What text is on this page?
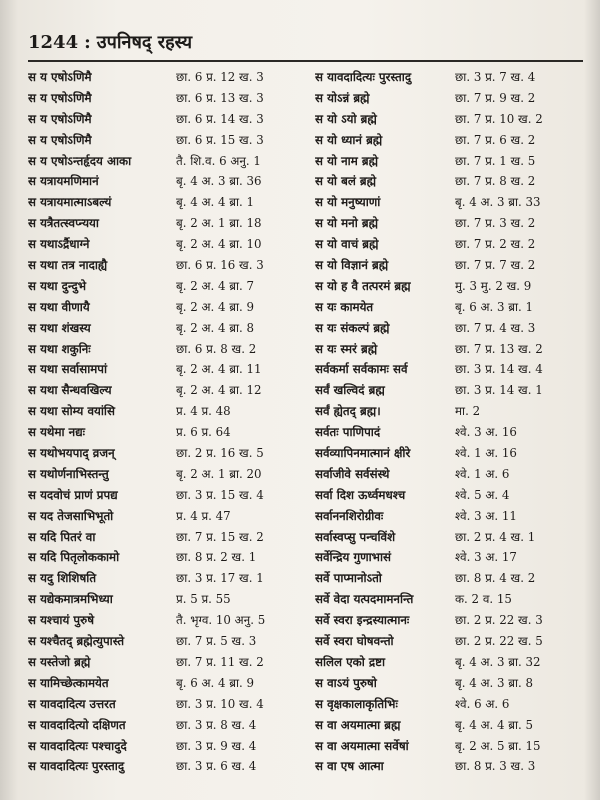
1244 : उपनिषद् रहस्य
स य एषोऽणिमै	छा. 6 प्र. 12 ख. 3
स य एषोऽणिमै	छा. 6 प्र. 13 ख. 3
स य एषोऽणिमै	छा. 6 प्र. 14 ख. 3
स य एषोऽणिमै	छा. 6 प्र. 15 ख. 3
स य एषोऽन्तर्हृदय आका	तै. शि.व. 6 अनु. 1
स यत्रायमणिमानं	बृ. 4 अ. 3 ब्रा. 36
स यत्रायमात्माऽबल्यं	बृ. 4 अ. 4 ब्रा. 1
स यत्रैतत्स्वप्न्यया	बृ. 2 अ. 1 ब्रा. 18
स यथाऽर्द्रैधाग्ने	बृ. 2 अ. 4 ब्रा. 10
स यथा तत्र नादाह्यै	छा. 6 प्र. 16 ख. 3
स यथा दुन्दुभे	बृ. 2 अ. 4 ब्रा. 7
स यथा वीणायै	बृ. 2 अ. 4 ब्रा. 9
स यथा शंखस्य	बृ. 2 अ. 4 ब्रा. 8
स यथा शकुनिः	छा. 6 प्र. 8 ख. 2
स यथा सर्वासामपां	बृ. 2 अ. 4 ब्रा. 11
स यथा सैन्धवखिल्य	बृ. 2 अ. 4 ब्रा. 12
स यथा सोम्य वयांसि	प्र. 4 प्र. 48
स यथेमा नद्यः	प्र. 6 प्र. 64
स यथोभयपाद् व्रजन्	छा. 2 प्र. 16 ख. 5
स यथोर्णनाभिस्तन्तु	बृ. 2 अ. 1 ब्रा. 20
स यदवोचं प्राणं प्रपद्य	छा. 3 प्र. 15 ख. 4
स यद तेजसाभिभूतो	प्र. 4 प्र. 47
स यदि पितरं वा	छा. 7 प्र. 15 ख. 2
स यदि पितृलोककामो	छा. 8 प्र. 2 ख. 1
स यदु शिशिषति	छा. 3 प्र. 17 ख. 1
स यद्येकमात्रमभिध्या	प्र. 5 प्र. 55
स यश्चायं पुरुषे	तै. भृग्व. 10 अनु. 5
स यश्चैतद् ब्रह्मेत्युपास्ते	छा. 7 प्र. 5 ख. 3
स यस्तेजो ब्रह्मे	छा. 7 प्र. 11 ख. 2
स यामिच्छेत्कामयेत	बृ. 6 अ. 4 ब्रा. 9
स यावदादित्य उत्तरत	छा. 3 प्र. 10 ख. 4
स यावदादित्यो दक्षिणत	छा. 3 प्र. 8 ख. 4
स यावदादित्यः पश्चादुदे	छा. 3 प्र. 9 ख. 4
स यावदादित्यः पुरस्तादु	छा. 3 प्र. 6 ख. 4
स यावदादित्यः पुरस्तादु	छा. 3 प्र. 7 ख. 4
स योऽन्नं ब्रह्मे	छा. 7 प्र. 9 ख. 2
स यो ऽयो ब्रह्मे	छा. 7 प्र. 10 ख. 2
स यो ध्यानं ब्रह्मे	छा. 7 प्र. 6 ख. 2
स यो नाम ब्रह्मे	छा. 7 प्र. 1 ख. 5
स यो बलं ब्रह्मे	छा. 7 प्र. 8 ख. 2
स यो मनुष्याणां	बृ. 4 अ. 3 ब्रा. 33
स यो मनो ब्रह्मे	छा. 7 प्र. 3 ख. 2
स यो वाचं ब्रह्मे	छा. 7 प्र. 2 ख. 2
स यो विज्ञानं ब्रह्मे	छा. 7 प्र. 7 ख. 2
स यो ह वै तत्परमं ब्रह्म	मु. 3 मु. 2 ख. 9
स यः कामयेत	बृ. 6 अ. 3 ब्रा. 1
स यः संकल्पं ब्रह्मे	छा. 7 प्र. 4 ख. 3
स यः स्मरं ब्रह्मे	छा. 7 प्र. 13 ख. 2
सर्वकर्मा सर्वकामः सर्व	छा. 3 प्र. 14 ख. 4
सर्वं खल्विदं ब्रह्म	छा. 3 प्र. 14 ख. 1
सर्वं ह्येतद् ब्रह्म।	मा. 2
सर्वतः पाणिपादं	श्वे. 3 अ. 16
सर्वव्यापिनमात्मानं क्षीरे	श्वे. 1 अ. 16
सर्वाजीवे सर्वसंस्थे	श्वे. 1 अ. 6
सर्वा दिश ऊर्ध्वमधश्च	श्वे. 5 अ. 4
सर्वाननशिरोग्रीवः	श्वे. 3 अ. 11
सर्वास्वप्सु पन्चविंशे	छा. 2 प्र. 4 ख. 1
सर्वेन्द्रिय गुणाभासं	श्वे. 3 अ. 17
सर्वे पाप्मानोऽतो	छा. 8 प्र. 4 ख. 2
सर्वे वेदा यत्पदमामनन्ति	क. 2 व. 15
सर्वे स्वरा इन्द्रस्यात्मानः	छा. 2 प्र. 22 ख. 3
सर्वे स्वरा घोषवन्तो	छा. 2 प्र. 22 ख. 5
सलिल एको द्रष्टा	बृ. 4 अ. 3 ब्रा. 32
स वाऽयं पुरुषो	बृ. 4 अ. 3 ब्रा. 8
स वृक्षकालाकृतिभिः	श्वे. 6 अ. 6
स वा अयमात्मा ब्रह्म	बृ. 4 अ. 4 ब्रा. 5
स वा अयमात्मा सर्वेषां	बृ. 2 अ. 5 ब्रा. 15
स वा एष आत्मा	छा. 8 प्र. 3 ख. 3
